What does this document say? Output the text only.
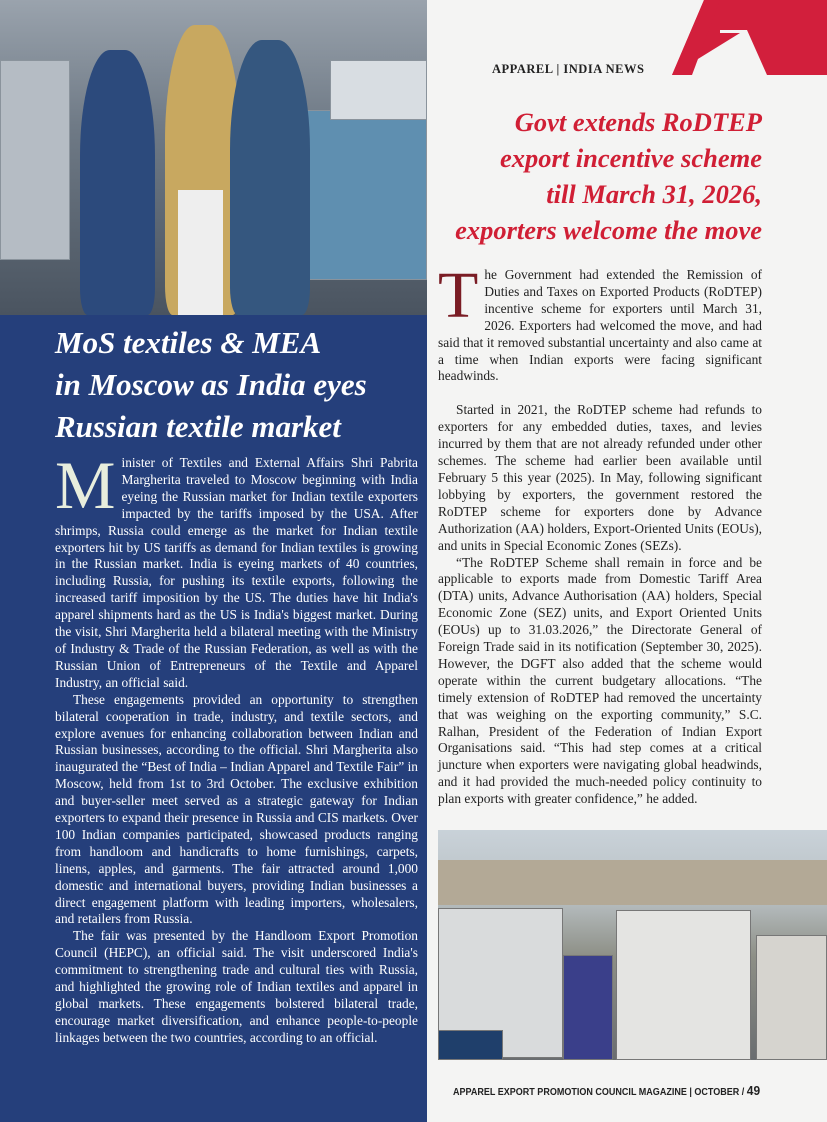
MoS textiles & MEA
in Moscow as India eyes
Russian textile market

Minister of Textiles and External Affairs Shri Pabrita Margherita traveled to Moscow beginning with India eyeing the Russian market for Indian textile exporters impacted by the tariffs imposed by the USA. After shrimps, Russia could emerge as the market for Indian textile exporters hit by US tariffs as demand for Indian textiles is growing in the Russian market. India is eyeing markets of 40 countries, including Russia, for pushing its textile exports, following the increased tariff imposition by the US. The duties have hit India's apparel shipments hard as the US is India's biggest market. During the visit, Shri Margherita held a bilateral meeting with the Ministry of Industry & Trade of the Russian Federation, as well as with the Russian Union of Entrepreneurs of the Textile and Apparel Industry, an official said.

These engagements provided an opportunity to strengthen bilateral cooperation in trade, industry, and textile sectors, and explore avenues for enhancing collaboration between Indian and Russian businesses, according to the official. Shri Margherita also inaugurated the “Best of India – Indian Apparel and Textile Fair” in Moscow, held from 1st to 3rd October. The exclusive exhibition and buyer-seller meet served as a strategic gateway for Indian exporters to expand their presence in Russia and CIS markets. Over 100 Indian companies participated, showcased products ranging from handloom and handicrafts to home furnishings, carpets, linens, apples, and garments. The fair attracted around 1,000 domestic and international buyers, providing Indian businesses a direct engagement platform with leading importers, wholesalers, and retailers from Russia.

The fair was presented by the Handloom Export Promotion Council (HEPC), an official said. The visit underscored India's commitment to strengthening trade and cultural ties with Russia, and highlighted the growing role of Indian textiles and apparel in global markets. These engagements bolstered bilateral trade, encourage market diversification, and enhance people-to-people linkages between the two countries, according to an official.

APPAREL | INDIA NEWS
Govt extends RoDTEP
export incentive scheme
till March 31, 2026,
exporters welcome the move

The Government had extended the Remission of Duties and Taxes on Exported Products (RoDTEP) incentive scheme for exporters until March 31, 2026. Exporters had welcomed the move, and had said that it removed substantial uncertainty and also came at a time when Indian exports were facing significant headwinds.

Started in 2021, the RoDTEP scheme had refunds to exporters for any embedded duties, taxes, and levies incurred by them that are not already refunded under other schemes. The scheme had earlier been available until February 5 this year (2025). In May, following significant lobbying by exporters, the government restored the RoDTEP scheme for exporters done by Advance Authorization (AA) holders, Export-Oriented Units (EOUs), and units in Special Economic Zones (SEZs).

“The RoDTEP Scheme shall remain in force and be applicable to exports made from Domestic Tariff Area (DTA) units, Advance Authorisation (AA) holders, Special Economic Zone (SEZ) units, and Export Oriented Units (EOUs) up to 31.03.2026,” the Directorate General of Foreign Trade said in its notification (September 30, 2025). However, the DGFT also added that the scheme would operate within the current budgetary allocations. “The timely extension of RoDTEP had removed the uncertainty that was weighing on the exporting community,” S.C. Ralhan, President of the Federation of Indian Export Organisations said. “This had step comes at a critical juncture when exporters were navigating global headwinds, and it had provided the much-needed policy continuity to plan exports with greater confidence,” he added.

APPAREL EXPORT PROMOTION COUNCIL MAGAZINE | OCTOBER / 49
